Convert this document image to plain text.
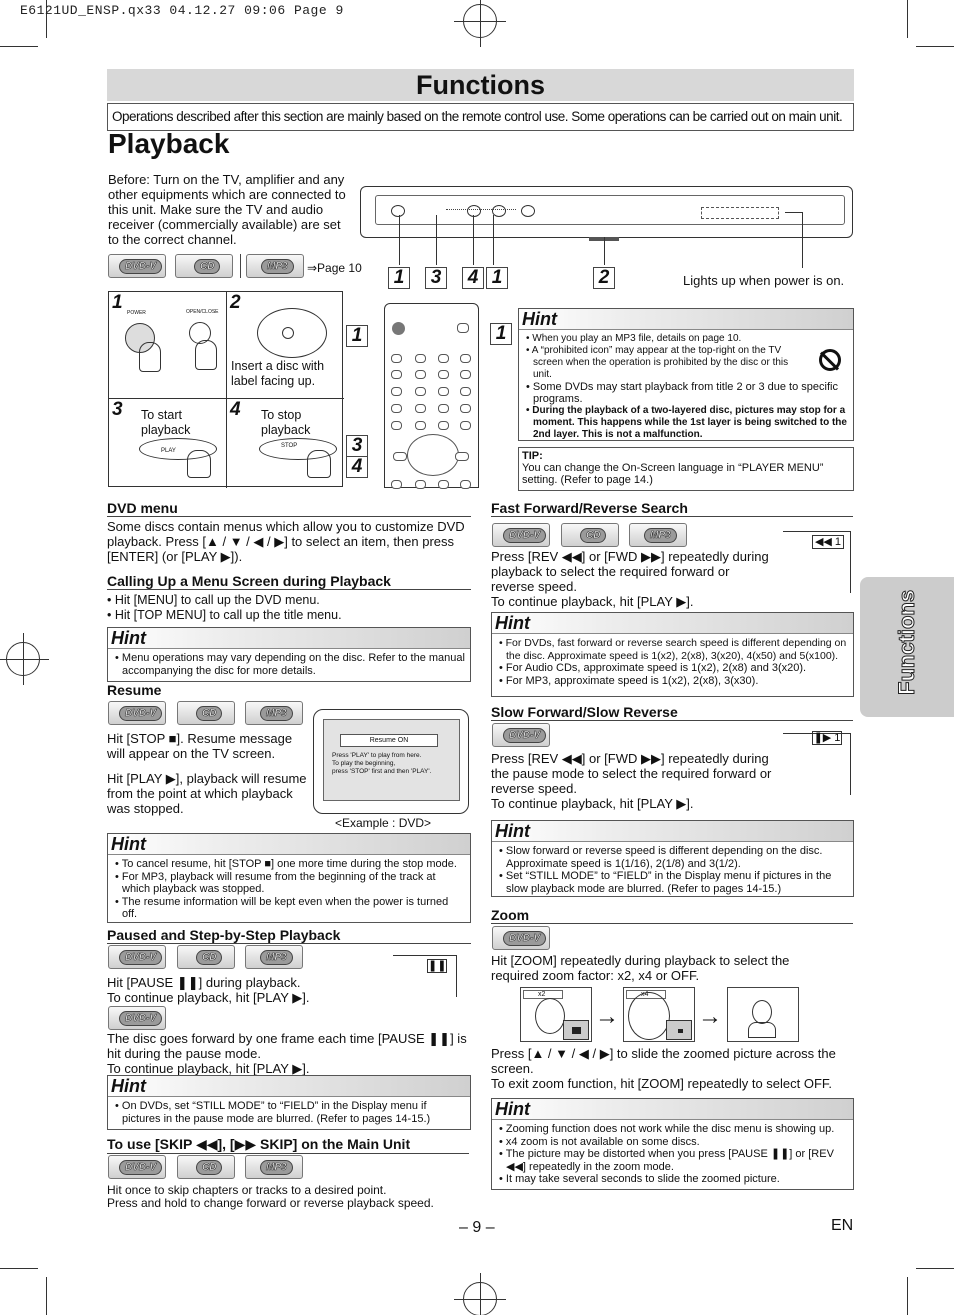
E6121UD_ENSP.qx33 04.12.27 09:06 Page 9
Functions
Operations described after this section are mainly based on the remote control use. Some operations can be carried out on main unit.
Playback
Before: Turn on the TV, amplifier and any other equipments which are connected to this unit. Make sure the TV and audio receiver (commercially available) are set to the correct channel.
DVD-V	CD	MP3	⇒Page 10	1	3	4 1	2	Lights up when power is on.
1 POWER	OPEN/CLOSE 2
Insert a disc with label facing up.
3 To start playback
PLAY
4 To stop playback
STOP
1	1
3
4
Hint
• When you play an MP3 file, details on page 10.
• A “prohibited icon” may appear at the top-right on the TV screen when the operation is prohibited by the disc or this unit.
• Some DVDs may start playback from title 2 or 3 due to specific programs.
• During the playback of a two-layered disc, pictures may stop for a moment. This happens while the 1st layer is being switched to the 2nd layer. This is not a malfunction.
TIP:
You can change the On-Screen language in “PLAYER MENU” setting. (Refer to page 14.)
DVD menu
Some discs contain menus which allow you to customize DVD playback. Press [▲ / ▼ / ◀ / ▶] to select an item, then press [ENTER] (or [PLAY ▶]).
Calling Up a Menu Screen during Playback
• Hit [MENU] to call up the DVD menu.
• Hit [TOP MENU] to call up the title menu.
Hint
• Menu operations may vary depending on the disc. Refer to the manual accompanying the disc for more details.
Resume
DVD-V	CD	MP3
Hit [STOP ■]. Resume message will appear on the TV screen.
Hit [PLAY ▶], playback will resume from the point at which playback was stopped.
Resume ON
Press 'PLAY' to play from here.
To play the beginning,
press 'STOP' first and then 'PLAY'.
<Example : DVD>
Hint
• To cancel resume, hit [STOP ■] one more time during the stop mode.
• For MP3, playback will resume from the beginning of the track at which playback was stopped.
• The resume information will be kept even when the power is turned off.
Paused and Step-by-Step Playback
DVD-V	CD	MP3
❚❚
Hit [PAUSE ❚❚] during playback.
To continue playback, hit [PLAY ▶].
DVD-V
The disc goes forward by one frame each time [PAUSE ❚❚] is hit during the pause mode.
To continue playback, hit [PLAY ▶].
Hint
• On DVDs, set “STILL MODE” to “FIELD” in the Display menu if pictures in the pause mode are blurred. (Refer to pages 14-15.)
To use [SKIP ◀◀], [▶▶ SKIP] on the Main Unit
DVD-V	CD	MP3
Hit once to skip chapters or tracks to a desired point.
Press and hold to change forward or reverse playback speed.
Fast Forward/Reverse Search
DVD-V	CD	MP3
◀◀ 1
Press [REV ◀◀] or [FWD ▶▶] repeatedly during playback to select the required forward or reverse speed.
To continue playback, hit [PLAY ▶].
Hint
• For DVDs, fast forward or reverse search speed is different depending on the disc. Approximate speed is 1(x2), 2(x8), 3(x20), 4(x50) and 5(x100).
• For Audio CDs, approximate speed is 1(x2), 2(x8) and 3(x20).
• For MP3, approximate speed is 1(x2), 2(x8), 3(x30).
Slow Forward/Slow Reverse
DVD-V	❚▶ 1
Press [REV ◀◀] or [FWD ▶▶] repeatedly during the pause mode to select the required forward or reverse speed.
To continue playback, hit [PLAY ▶].
Hint
• Slow forward or reverse speed is different depending on the disc. Approximate speed is 1(1/16), 2(1/8) and 3(1/2).
• Set “STILL MODE” to “FIELD” in the Display menu if pictures in the slow playback mode are blurred. (Refer to pages 14-15.)
Zoom
DVD-V
Hit [ZOOM] repeatedly during playback to select the required zoom factor: x2, x4 or OFF.
x2
→
x4
→
Press [▲ / ▼ / ◀ / ▶] to slide the zoomed picture across the screen.
To exit zoom function, hit [ZOOM] repeatedly to select OFF.
Hint
• Zooming function does not work while the disc menu is showing up.
• x4 zoom is not available on some discs.
• The picture may be distorted when you press [PAUSE ❚❚] or [REV ◀◀] repeatedly in the zoom mode.
• It may take several seconds to slide the zoomed picture.
Functions
– 9 –	EN
